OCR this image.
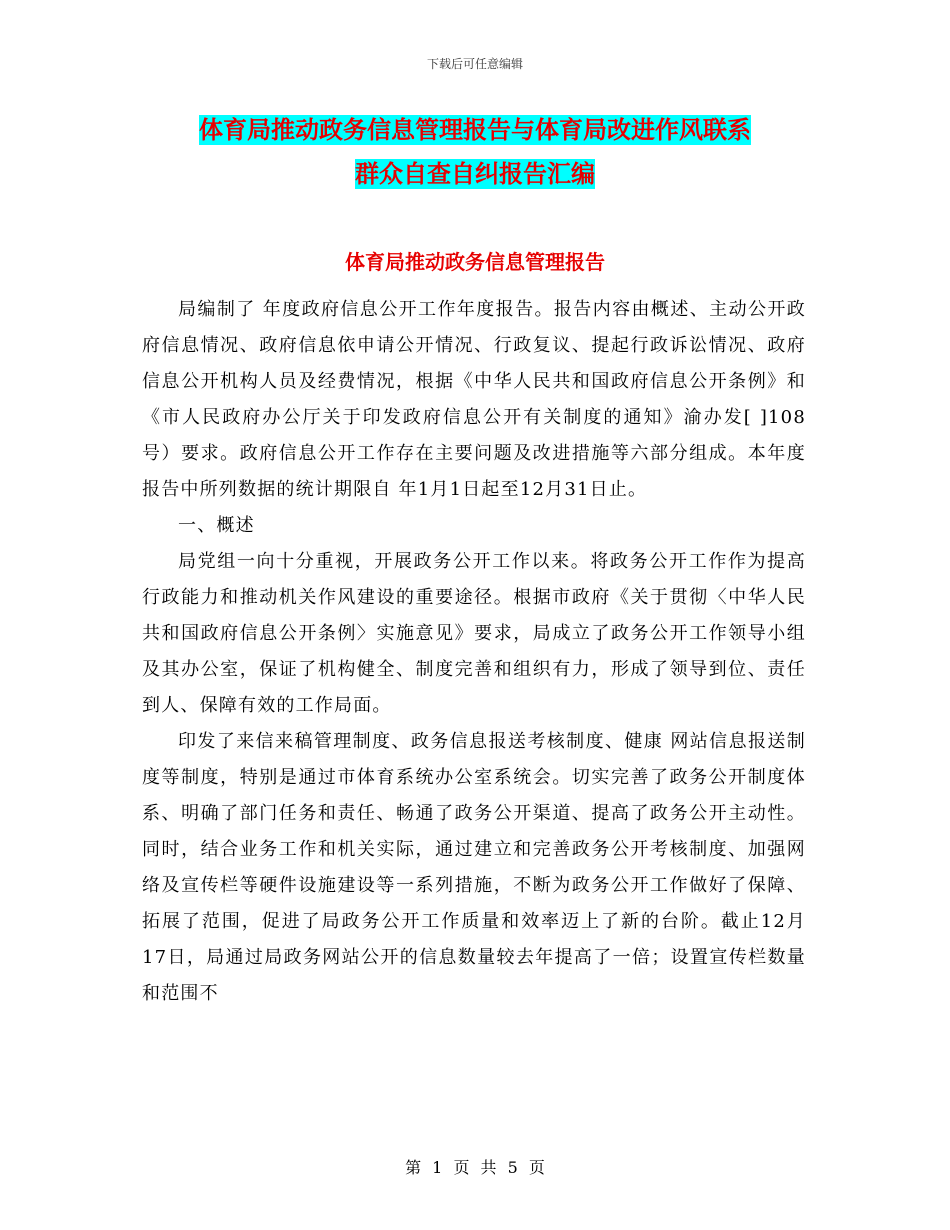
下载后可任意编辑
体育局推动政务信息管理报告与体育局改进作风联系
群众自查自纠报告汇编
体育局推动政务信息管理报告

局编制了 年度政府信息公开工作年度报告。报告内容由概述、主动公开政府信息情况、政府信息依申请公开情况、行政复议、提起行政诉讼情况、政府信息公开机构人员及经费情况，根据《中华人民共和国政府信息公开条例》和《市人民政府办公厅关于印发政府信息公开有关制度的通知》渝办发[ ]108号）要求。政府信息公开工作存在主要问题及改进措施等六部分组成。本年度报告中所列数据的统计期限自 年1月1日起至12月31日止。

一、概述

局党组一向十分重视，开展政务公开工作以来。将政务公开工作作为提高行政能力和推动机关作风建设的重要途径。根据市政府《关于贯彻〈中华人民共和国政府信息公开条例〉实施意见》要求，局成立了政务公开工作领导小组及其办公室，保证了机构健全、制度完善和组织有力，形成了领导到位、责任到人、保障有效的工作局面。

印发了来信来稿管理制度、政务信息报送考核制度、健康 网站信息报送制度等制度，特别是通过市体育系统办公室系统会。切实完善了政务公开制度体系、明确了部门任务和责任、畅通了政务公开渠道、提高了政务公开主动性。同时，结合业务工作和机关实际，通过建立和完善政务公开考核制度、加强网络及宣传栏等硬件设施建设等一系列措施，不断为政务公开工作做好了保障、拓展了范围，促进了局政务公开工作质量和效率迈上了新的台阶。截止12月17日，局通过局政务网站公开的信息数量较去年提高了一倍；设置宣传栏数量和范围不

第 1 页 共 5 页
